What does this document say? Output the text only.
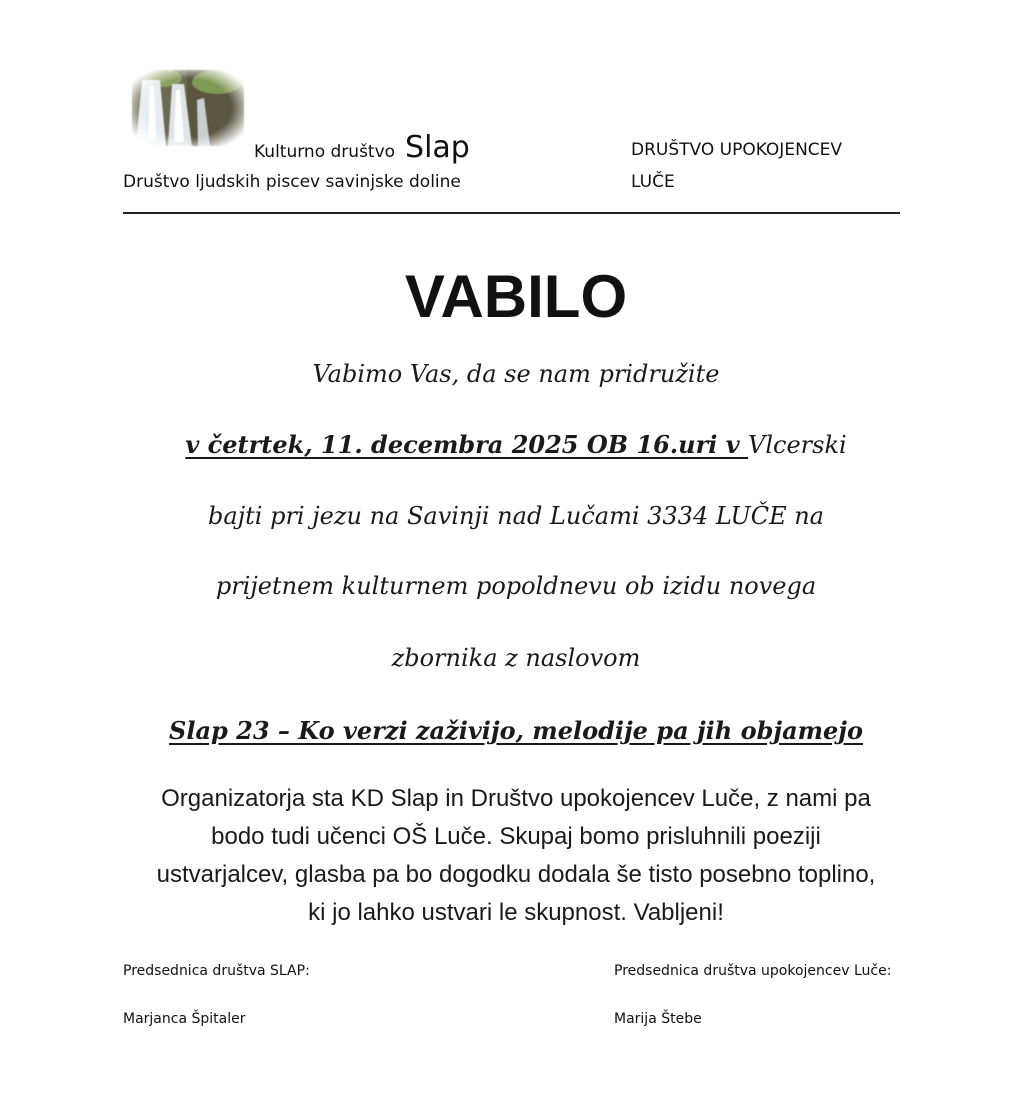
Kulturno društvo Slap
Društvo ljudskih piscev savinjske doline
DRUŠTVO UPOKOJENCEV
LUČE
VABILO
Vabimo Vas, da se nam pridružite
v četrtek, 11. decembra 2025 OB 16.uri v Vlcerski
bajti pri jezu na Savinji nad Lučami 3334 LUČE na
prijetnem kulturnem popoldnevu ob izidu novega
zbornika z naslovom
Slap 23 – Ko verzi zaživijo, melodije pa jih objamejo
Organizatorja sta KD Slap in Društvo upokojencev Luče, z nami pa
bodo tudi učenci OŠ Luče. Skupaj bomo prisluhnili poeziji
ustvarjalcev, glasba pa bo dogodku dodala še tisto posebno toplino,
ki jo lahko ustvari le skupnost. Vabljeni!
Predsednica društva SLAP:	Predsednica društva upokojencev Luče:
Marjanca Špitaler	Marija Štebe
